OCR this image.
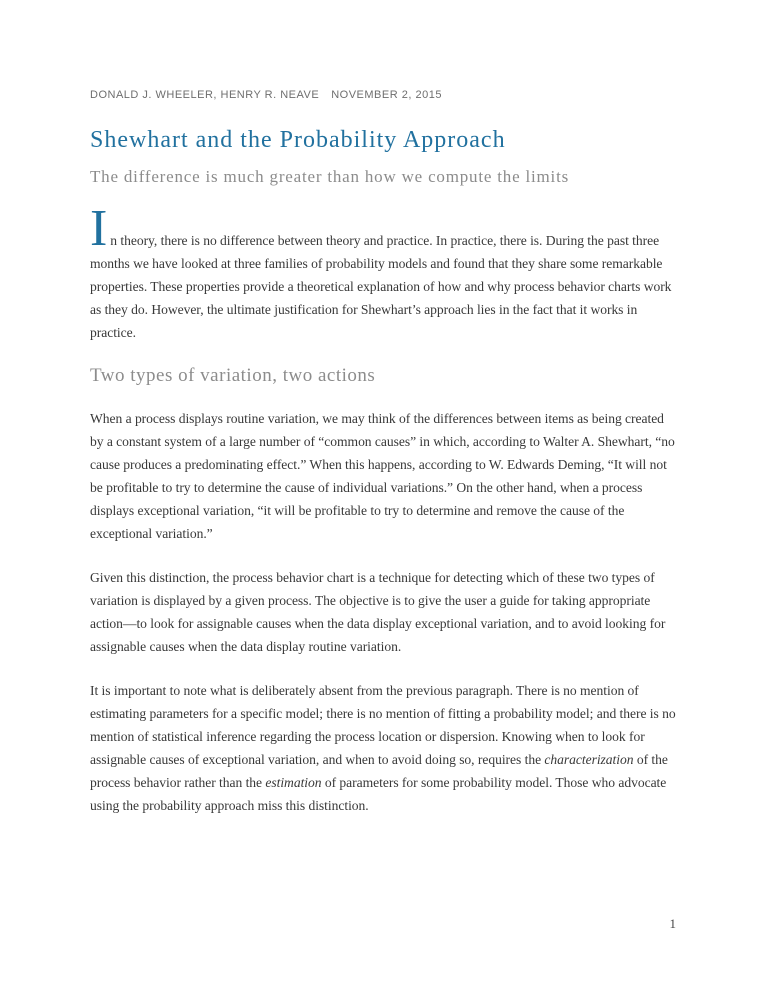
DONALD J. WHEELER, HENRY R. NEAVE NOVEMBER 2, 2015
Shewhart and the Probability Approach
The difference is much greater than how we compute the limits

In theory, there is no difference between theory and practice. In practice, there is. During the past three months we have looked at three families of probability models and found that they share some remarkable properties. These properties provide a theoretical explanation of how and why process behavior charts work as they do. However, the ultimate justification for Shewhart’s approach lies in the fact that it works in practice.

Two types of variation, two actions

When a process displays routine variation, we may think of the differences between items as being created by a constant system of a large number of “common causes” in which, according to Walter A. Shewhart, “no cause produces a predominating effect.” When this happens, according to W. Edwards Deming, “It will not be profitable to try to determine the cause of individual variations.” On the other hand, when a process displays exceptional variation, “it will be profitable to try to determine and remove the cause of the exceptional variation.”

Given this distinction, the process behavior chart is a technique for detecting which of these two types of variation is displayed by a given process. The objective is to give the user a guide for taking appropriate action—to look for assignable causes when the data display exceptional variation, and to avoid looking for assignable causes when the data display routine variation.

It is important to note what is deliberately absent from the previous paragraph. There is no mention of estimating parameters for a specific model; there is no mention of fitting a probability model; and there is no mention of statistical inference regarding the process location or dispersion. Knowing when to look for assignable causes of exceptional variation, and when to avoid doing so, requires the characterization of the process behavior rather than the estimation of parameters for some probability model. Those who advocate using the probability approach miss this distinction.

1
